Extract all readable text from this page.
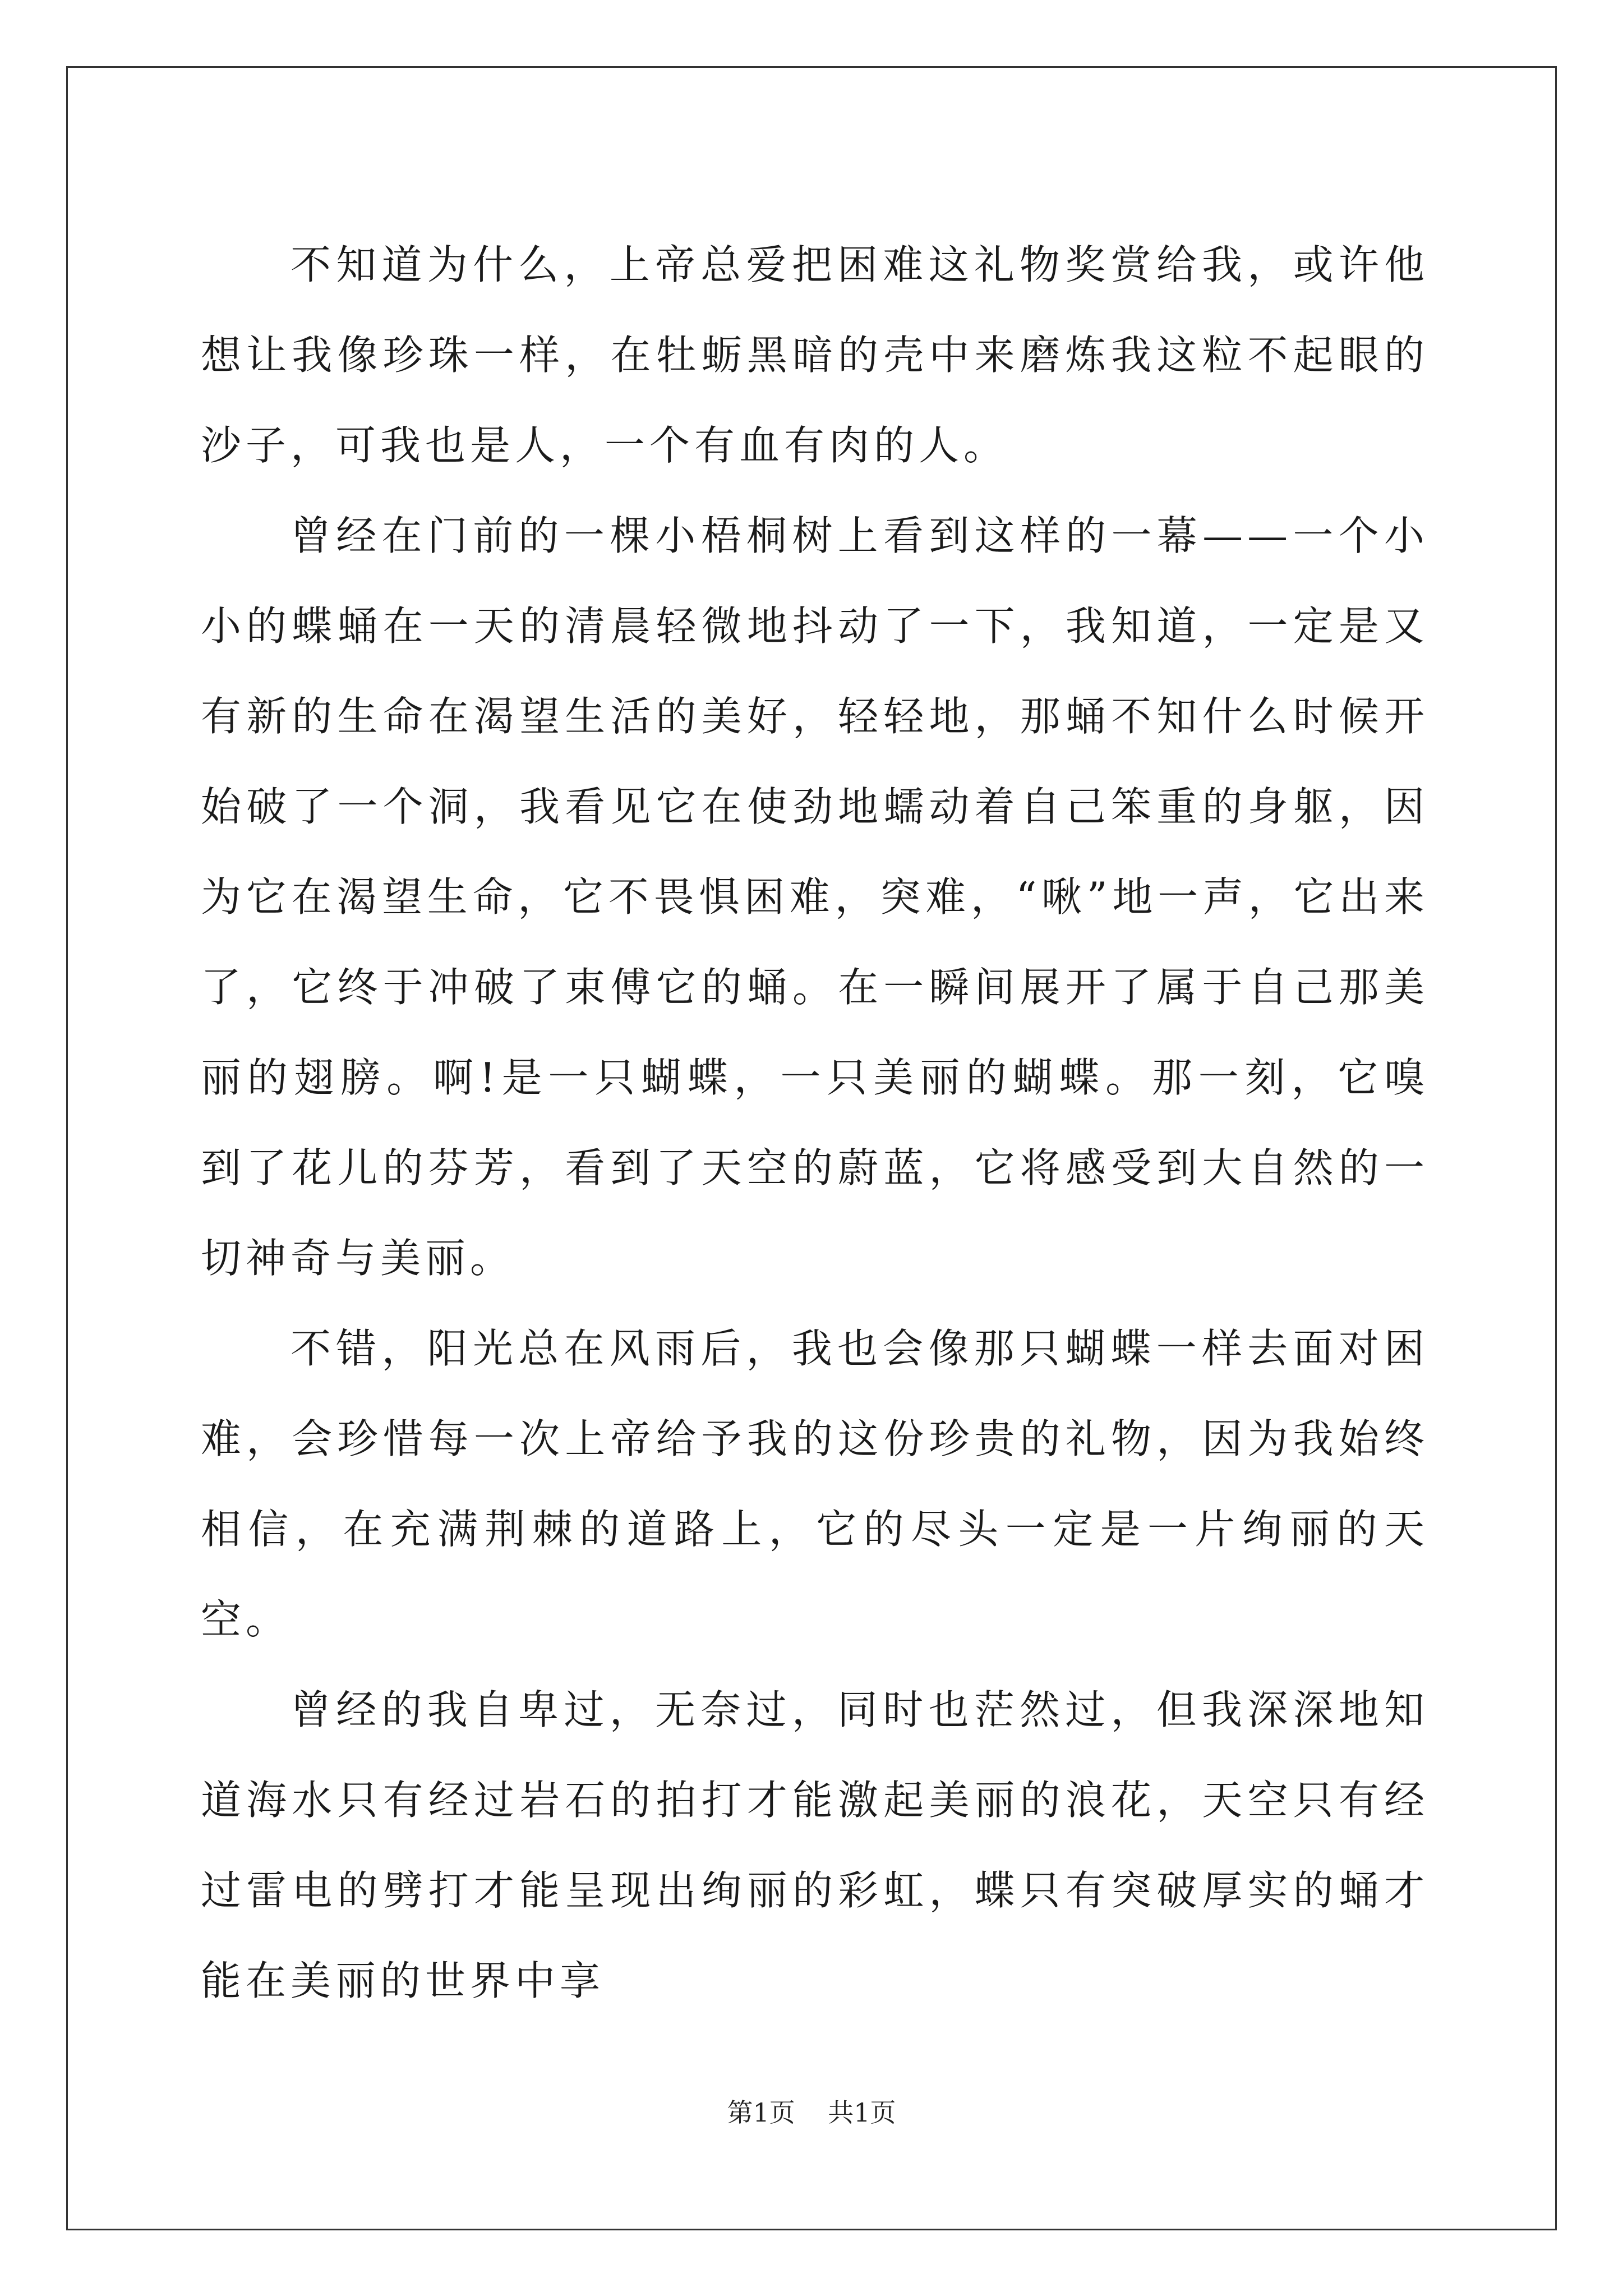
不知道为什么，上帝总爱把困难这礼物奖赏给我，或许他想让我像珍珠一样，在牡蛎黑暗的壳中来磨炼我这粒不起眼的沙子，可我也是人，一个有血有肉的人。

曾经在门前的一棵小梧桐树上看到这样的一幕——一个小小的蝶蛹在一天的清晨轻微地抖动了一下，我知道，一定是又有新的生命在渴望生活的美好，轻轻地，那蛹不知什么时候开始破了一个洞，我看见它在使劲地蠕动着自己笨重的身躯，因为它在渴望生命，它不畏惧困难，突难，“啾”地一声，它出来了，它终于冲破了束傅它的蛹。在一瞬间展开了属于自己那美丽的翅膀。啊!是一只蝴蝶，一只美丽的蝴蝶。那一刻，它嗅到了花儿的芬芳，看到了天空的蔚蓝，它将感受到大自然的一切神奇与美丽。

不错，阳光总在风雨后，我也会像那只蝴蝶一样去面对困难，会珍惜每一次上帝给予我的这份珍贵的礼物，因为我始终相信，在充满荆棘的道路上，它的尽头一定是一片绚丽的天空。

曾经的我自卑过，无奈过，同时也茫然过，但我深深地知道海水只有经过岩石的拍打才能激起美丽的浪花，天空只有经过雷电的劈打才能呈现出绚丽的彩虹，蝶只有突破厚实的蛹才能在美丽的世界中享

第1页 共1页
